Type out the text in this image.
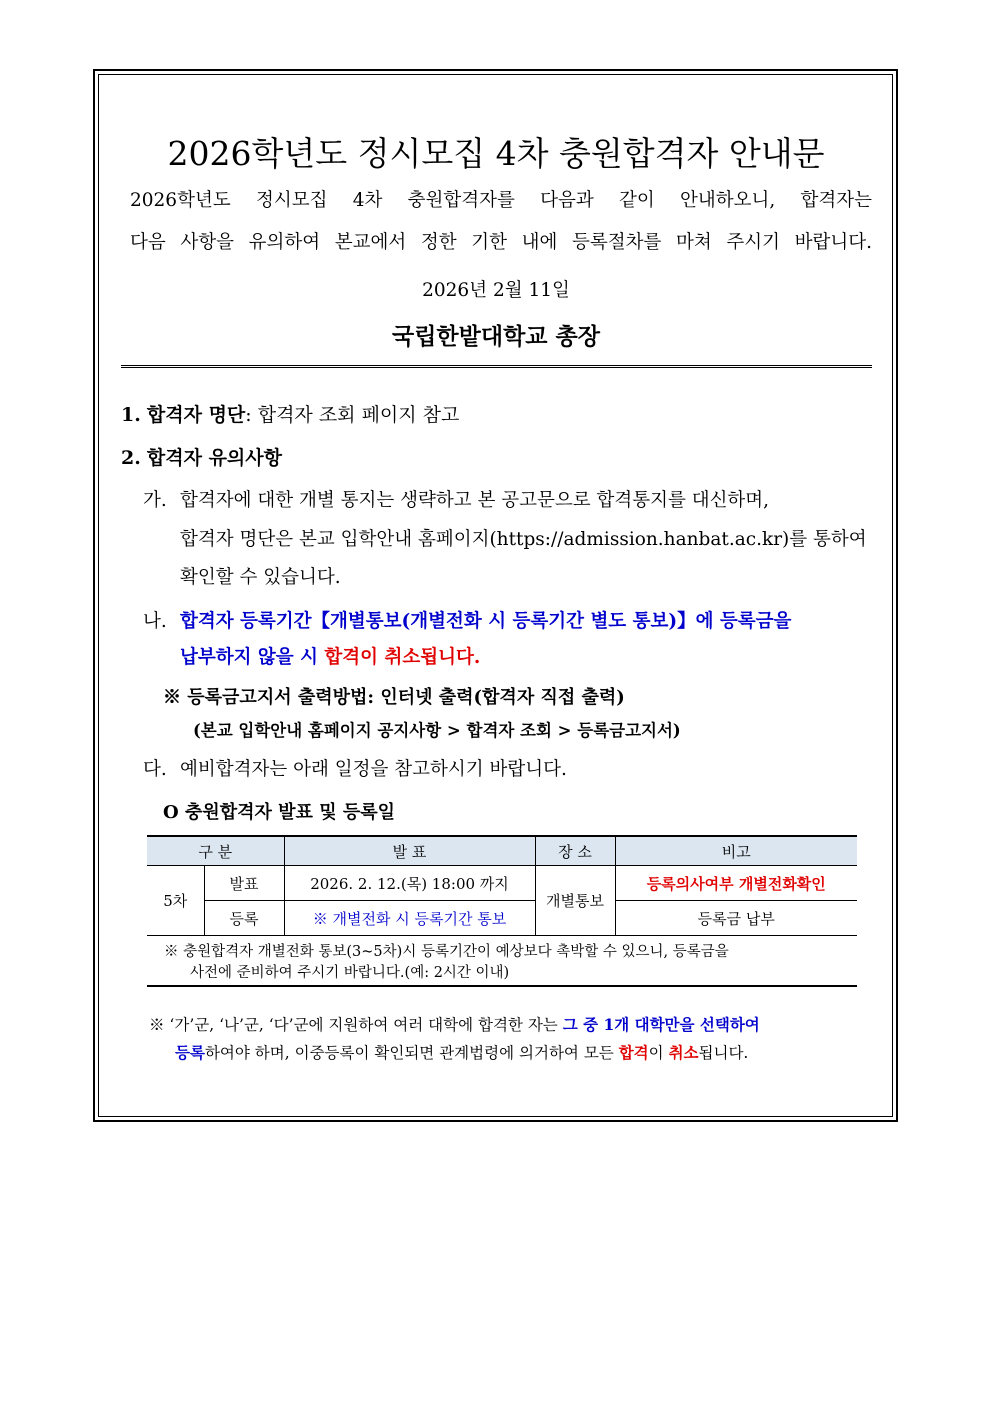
2026학년도 정시모집 4차 충원합격자 안내문
2026학년도 정시모집 4차 충원합격자를 다음과 같이 안내하오니, 합격자는
다음 사항을 유의하여 본교에서 정한 기한 내에 등록절차를 마쳐 주시기 바랍니다.
2026년 2월 11일
국립한밭대학교 총장
1. 합격자 명단: 합격자 조회 페이지 참고
2. 합격자 유의사항
가. 합격자에 대한 개별 통지는 생략하고 본 공고문으로 합격통지를 대신하며,
합격자 명단은 본교 입학안내 홈페이지(https://admission.hanbat.ac.kr)를 통하여
확인할 수 있습니다.
나. 합격자 등록기간【개별통보(개별전화 시 등록기간 별도 통보)】에 등록금을
납부하지 않을 시 합격이 취소됩니다.
※ 등록금고지서 출력방법: 인터넷 출력(합격자 직접 출력)
(본교 입학안내 홈페이지 공지사항 > 합격자 조회 > 등록금고지서)
다. 예비합격자는 아래 일정을 참고하시기 바랍니다.
O 충원합격자 발표 및 등록일
구 분		발 표	장 소	비고
5차	발표	2026. 2. 12.(목) 18:00 까지	개별통보	등록의사여부 개별전화확인
	등록	※ 개별전화 시 등록기간 통보		등록금 납부
※ 충원합격자 개별전화 통보(3~5차)시 등록기간이 예상보다 촉박할 수 있으니, 등록금을
사전에 준비하여 주시기 바랍니다.(예: 2시간 이내)
※ ‘가’군, ‘나’군, ‘다’군에 지원하여 여러 대학에 합격한 자는 그 중 1개 대학만을 선택하여
등록하여야 하며, 이중등록이 확인되면 관계법령에 의거하여 모든 합격이 취소됩니다.
